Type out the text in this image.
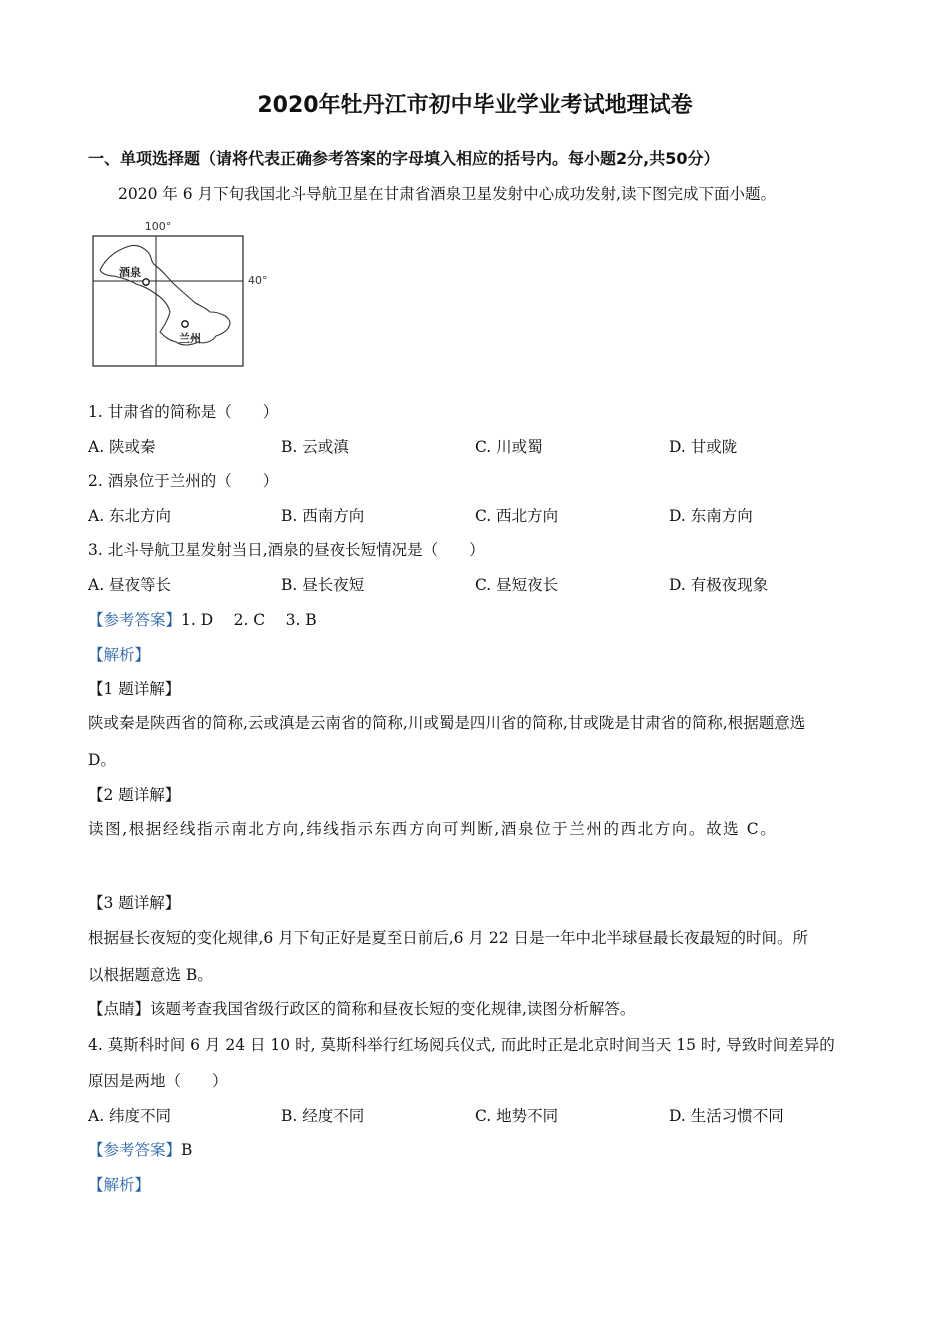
2020年牡丹江市初中毕业学业考试地理试卷
一、单项选择题（请将代表正确参考答案的字母填入相应的括号内。每小题2分,共50分）
2020 年 6 月下旬我国北斗导航卫星在甘肃省酒泉卫星发射中心成功发射,读下图完成下面小题。
100°
40°
酒泉
兰州
1. 甘肃省的简称是（　　）
A. 陕或秦	B. 云或滇	C. 川或蜀	D. 甘或陇
2. 酒泉位于兰州的（　　）
A. 东北方向	B. 西南方向	C. 西北方向	D. 东南方向
3. 北斗导航卫星发射当日,酒泉的昼夜长短情况是（　　）
A. 昼夜等长	B. 昼长夜短	C. 昼短夜长	D. 有极夜现象
【参考答案】1. D　 2. C　 3. B
【解析】
【1 题详解】
陕或秦是陕西省的简称,云或滇是云南省的简称,川或蜀是四川省的简称,甘或陇是甘肃省的简称,根据题意选
D。
【2 题详解】
读图,根据经线指示南北方向,纬线指示东西方向可判断,酒泉位于兰州的西北方向。故选 C。
【3 题详解】
根据昼长夜短的变化规律,6 月下旬正好是夏至日前后,6 月 22 日是一年中北半球昼最长夜最短的时间。所
以根据题意选 B。
【点睛】该题考查我国省级行政区的简称和昼夜长短的变化规律,读图分析解答。
4. 莫斯科时间 6 月 24 日 10 时, 莫斯科举行红场阅兵仪式, 而此时正是北京时间当天 15 时, 导致时间差异的
原因是两地（　　）
A. 纬度不同	B. 经度不同	C. 地势不同	D. 生活习惯不同
【参考答案】B
【解析】
